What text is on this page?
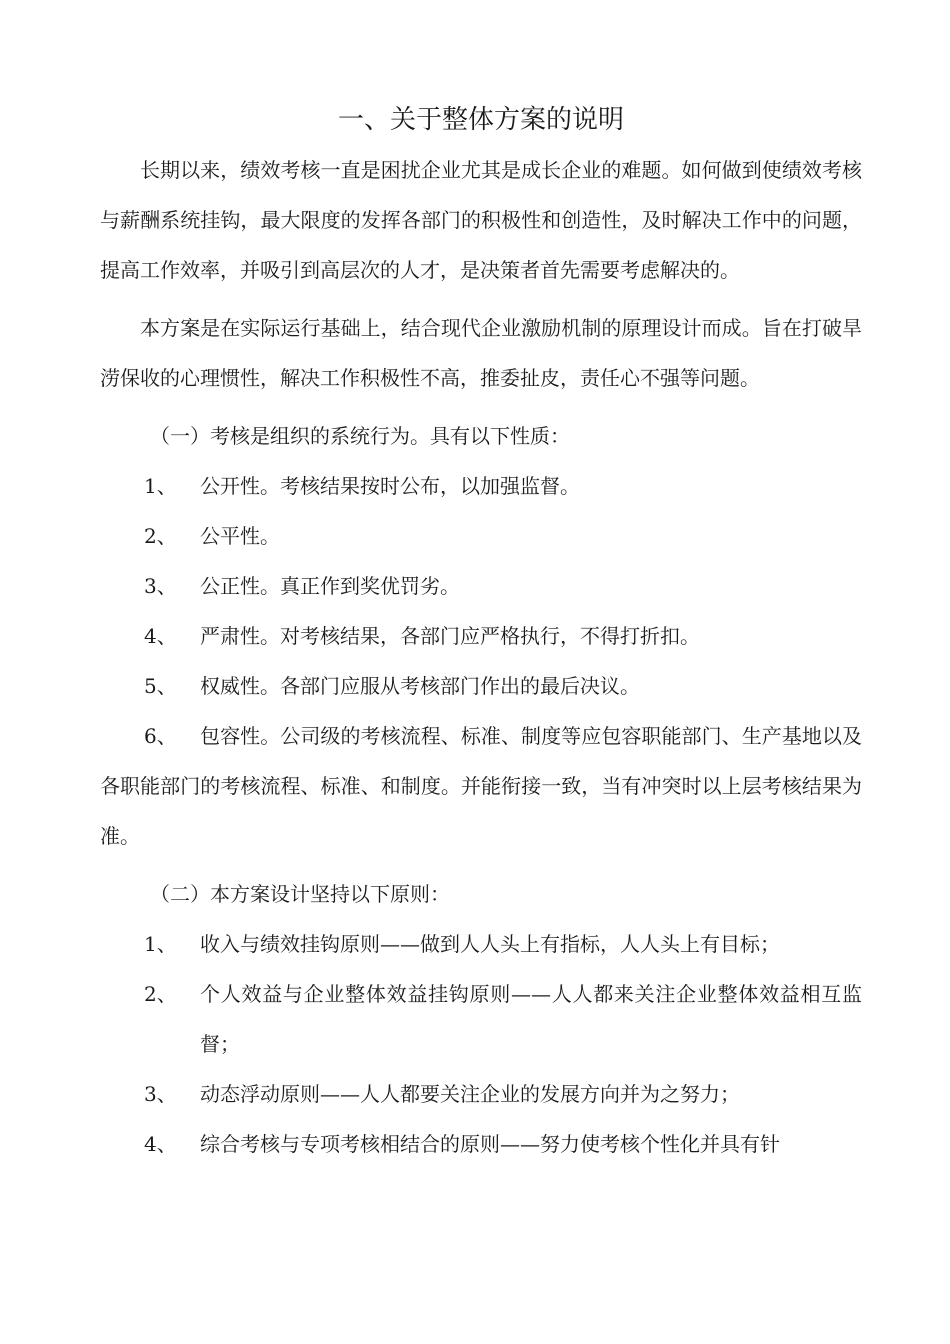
一、关于整体方案的说明

长期以来，绩效考核一直是困扰企业尤其是成长企业的难题。如何做到使绩效考核与薪酬系统挂钩，最大限度的发挥各部门的积极性和创造性，及时解决工作中的问题，提高工作效率，并吸引到高层次的人才，是决策者首先需要考虑解决的。

本方案是在实际运行基础上，结合现代企业激励机制的原理设计而成。旨在打破旱涝保收的心理惯性，解决工作积极性不高，推委扯皮，责任心不强等问题。

（一）考核是组织的系统行为。具有以下性质：

1、 公开性。考核结果按时公布，以加强监督。
2、 公平性。
3、 公正性。真正作到奖优罚劣。
4、 严肃性。对考核结果，各部门应严格执行，不得打折扣。
5、 权威性。各部门应服从考核部门作出的最后决议。

6、 包容性。公司级的考核流程、标准、制度等应包容职能部门、生产基地以及各职能部门的考核流程、标准、和制度。并能衔接一致，当有冲突时以上层考核结果为准。

（二）本方案设计坚持以下原则：

1、 收入与绩效挂钩原则——做到人人头上有指标，人人头上有目标；
2、 个人效益与企业整体效益挂钩原则——人人都来关注企业整体效益相互监督；

3、 动态浮动原则——人人都要关注企业的发展方向并为之努力；
4、 综合考核与专项考核相结合的原则——努力使考核个性化并具有针
